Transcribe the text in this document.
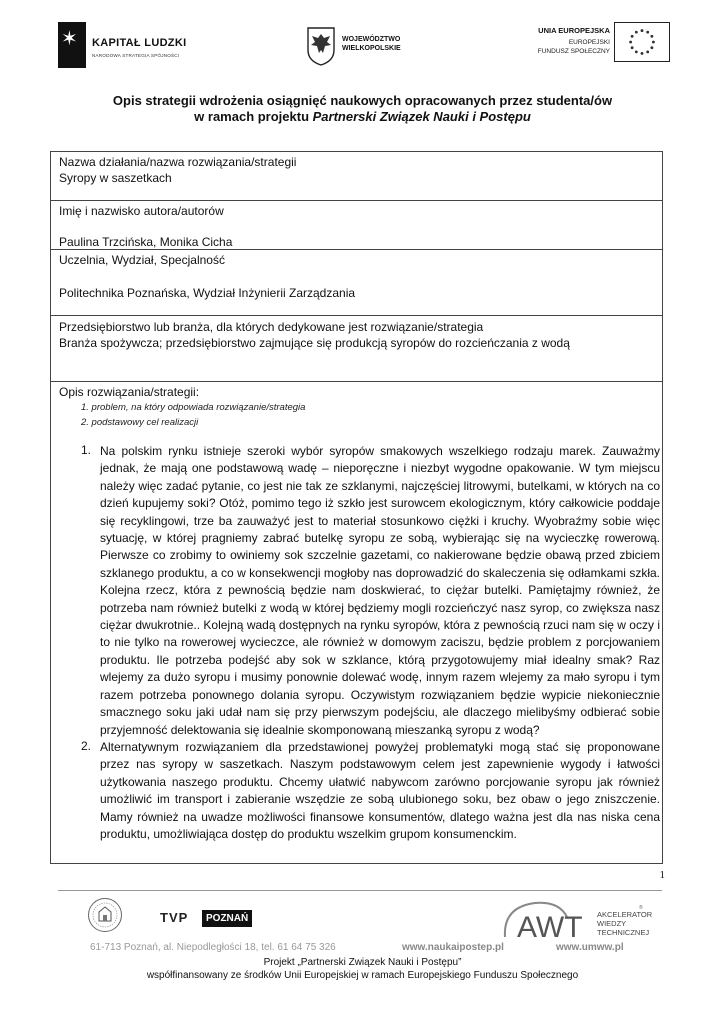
✶ KAPITAŁ LUDZKI
NARODOWA STRATEGIA SPÓJNOŚCI
WOJEWÓDZTWO
WIELKOPOLSKIE
UNIA EUROPEJSKA
EUROPEJSKI
FUNDUSZ SPOŁECZNY
Opis strategii wdrożenia osiągnięć naukowych opracowanych przez studenta/ów
w ramach projektu Partnerski Związek Nauki i Postępu
Nazwa działania/nazwa rozwiązania/strategii
Syropy w saszetkach
Imię i nazwisko autora/autorów
Paulina Trzcińska, Monika Cicha
Uczelnia, Wydział, Specjalność
Politechnika Poznańska, Wydział Inżynierii Zarządzania
Przedsiębiorstwo lub branża, dla których dedykowane jest rozwiązanie/strategia
Branża spożywcza; przedsiębiorstwo zajmujące się produkcją syropów do rozcieńczania z wodą
Opis rozwiązania/strategii:
1. problem, na który odpowiada rozwiązanie/strategia
2. podstawowy cel realizacji
1. Na polskim rynku istnieje szeroki wybór syropów smakowych wszelkiego rodzaju marek. Zauważmy jednak, że mają one podstawową wadę – nieporęczne i niezbyt wygodne opakowanie. W tym miejscu należy więc zadać pytanie, co jest nie tak ze szklanymi, najczęściej litrowymi, butelkami, w których na co dzień kupujemy soki? Otóż, pomimo tego iż szkło jest surowcem ekologicznym, który całkowicie poddaje się recyklingowi, trze ba zauważyć jest to materiał stosunkowo ciężki i kruchy. Wyobraźmy sobie więc sytuację, w której pragniemy zabrać butelkę syropu ze sobą, wybierając się na wycieczkę rowerową. Pierwsze co zrobimy to owiniemy sok szczelnie gazetami, co nakierowane będzie obawą przed zbiciem szklanego produktu, a co w konsekwencji mogłoby nas doprowadzić do skaleczenia się odłamkami szkła. Kolejna rzecz, która z pewnością będzie nam doskwierać, to ciężar butelki. Pamiętajmy również, że potrzeba nam również butelki z wodą w której będziemy mogli rozcieńczyć nasz syrop, co zwiększa nasz ciężar dwukrotnie.. Kolejną wadą dostępnych na rynku syropów, która z pewnością rzuci nam się w oczy i to nie tylko na rowerowej wycieczce, ale również w domowym zaciszu, będzie problem z porcjowaniem produktu. Ile potrzeba podejść aby sok w szklance, którą przygotowujemy miał idealny smak? Raz wlejemy za dużo syropu i musimy ponownie dolewać wodę, innym razem wlejemy za mało syropu i tym razem potrzeba ponownego dolania syropu. Oczywistym rozwiązaniem będzie wypicie niekoniecznie smacznego soku jaki udał nam się przy pierwszym podejściu, ale dlaczego mielibyśmy odbierać sobie przyjemność delektowania się idealnie skomponowaną mieszanką syropu z wodą?
2. Alternatywnym rozwiązaniem dla przedstawionej powyżej problematyki mogą stać się proponowane przez nas syropy w saszetkach. Naszym podstawowym celem jest zapewnienie wygody i łatwości użytkowania naszego produktu. Chcemy ułatwić nabywcom zarówno porcjowanie syropu jak również umożliwić im transport i zabieranie wszędzie ze sobą ulubionego soku, bez obaw o jego zniszczenie. Mamy również na uwadze możliwości finansowe konsumentów, dlatego ważna jest dla nas niska cena produktu, umożliwiająca dostęp do produktu wszelkim grupom konsumenckim.
1
TVP	POZNAŃ	AWT AKCELERATOR
WIEDZY
TECHNICZNEJ
®
61-713 Poznań, al. Niepodległości 18, tel. 61 64 75 326	www.naukaipostep.pl	www.umww.pl
Projekt „Partnerski Związek Nauki i Postępu”
współfinansowany ze środków Unii Europejskiej w ramach Europejskiego Funduszu Społecznego
